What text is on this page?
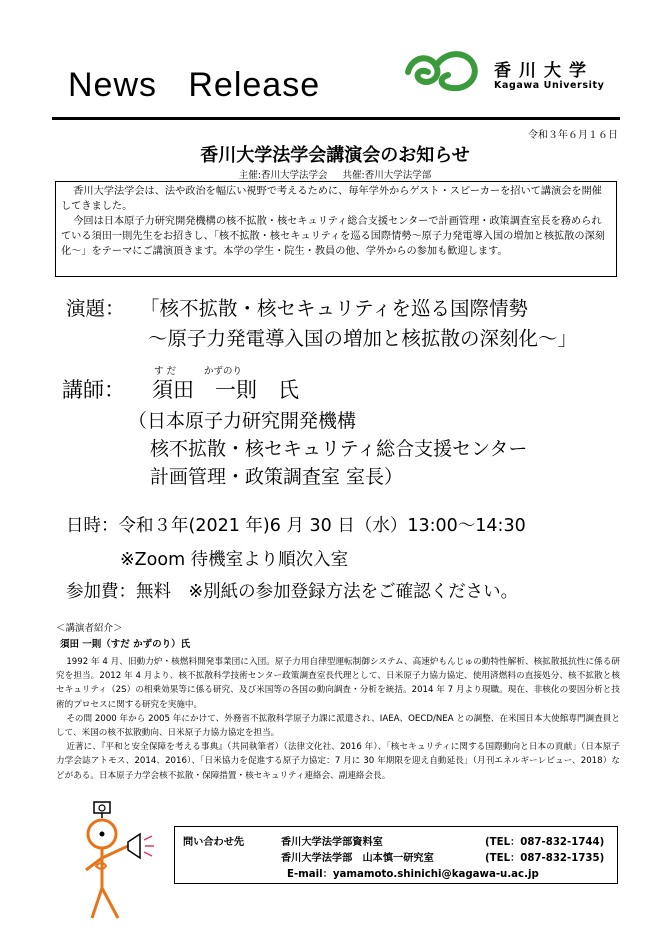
News   Release	香川大学
Kagawa University
令和３年６月１６日
香川大学法学会講演会のお知らせ
主催:香川大学法学会 共催:香川大学法学部

香川大学法学会は、法や政治を幅広い視野で考えるために、毎年学外からゲスト・スピーカーを招いて講演会を開催してきました。

今回は日本原子力研究開発機構の核不拡散・核セキュリティ総合支援センターで計画管理・政策調査室長を務められている須田一則先生をお招きし、「核不拡散・核セキュリティを巡る国際情勢～原子力発電導入国の増加と核拡散の深刻化～」をテーマにご講演頂きます。本学の学生・院生・教員の他、学外からの参加も歓迎します。

演題： 「核不拡散・核セキュリティを巡る国際情勢
～原子力発電導入国の増加と核拡散の深刻化～」
す だ	かずのり
講師： 須田　一則　氏
（日本原子力研究開発機構
核不拡散・核セキュリティ総合支援センター
計画管理・政策調査室 室長）
日時：令和３年(2021 年)6 月 30 日（水）13:00～14:30
※Zoom 待機室より順次入室
参加費：無料　※別紙の参加登録方法をご確認ください。
＜講演者紹介＞
須田 一則（すだ かずのり）氏

1992 年 4 月、旧動力炉・核燃料開発事業団に入団。原子力用自律型運転制御システム、高速炉もんじゅの動特性解析、核拡散抵抗性に係る研究を担当。2012 年 4 月より、核不拡散科学技術センター政策調査室長代理として、日米原子力協力協定、使用済燃料の直接処分、核不拡散と核セキュリティ（2S）の相乗効果等に係る研究、及び米国等の各国の動向調査・分析を統括。2014 年 7 月より現職。現在、非核化の要因分析と技術的プロセスに関する研究を実施中。

その間 2000 年から 2005 年にかけて、外務省不拡散科学原子力課に派遣され、IAEA、OECD/NEA との調整、在米国日本大使館専門調査員として、米国の核不拡散動向、日米原子力協力協定を担当。

近著に、『平和と安全保障を考える事典』（共同執筆者）（法律文化社、2016 年）、「核セキュリティに関する国際動向と日本の貢献」（日本原子力学会誌アトモス、2014、2016）、「日米協力を促進する原子力協定：7 月に 30 年期限を迎え自動延長」（月刊エネルギーレビュー、2018）などがある。日本原子力学会核不拡散・保障措置・核セキュリティ連絡会、副連絡会長。

問い合わせ先	香川大学法学部資料室	(TEL：087-832-1744)
香川大学法学部　山本慎一研究室	(TEL：087-832-1735)
E-mail：yamamoto.shinichi@kagawa-u.ac.jp
